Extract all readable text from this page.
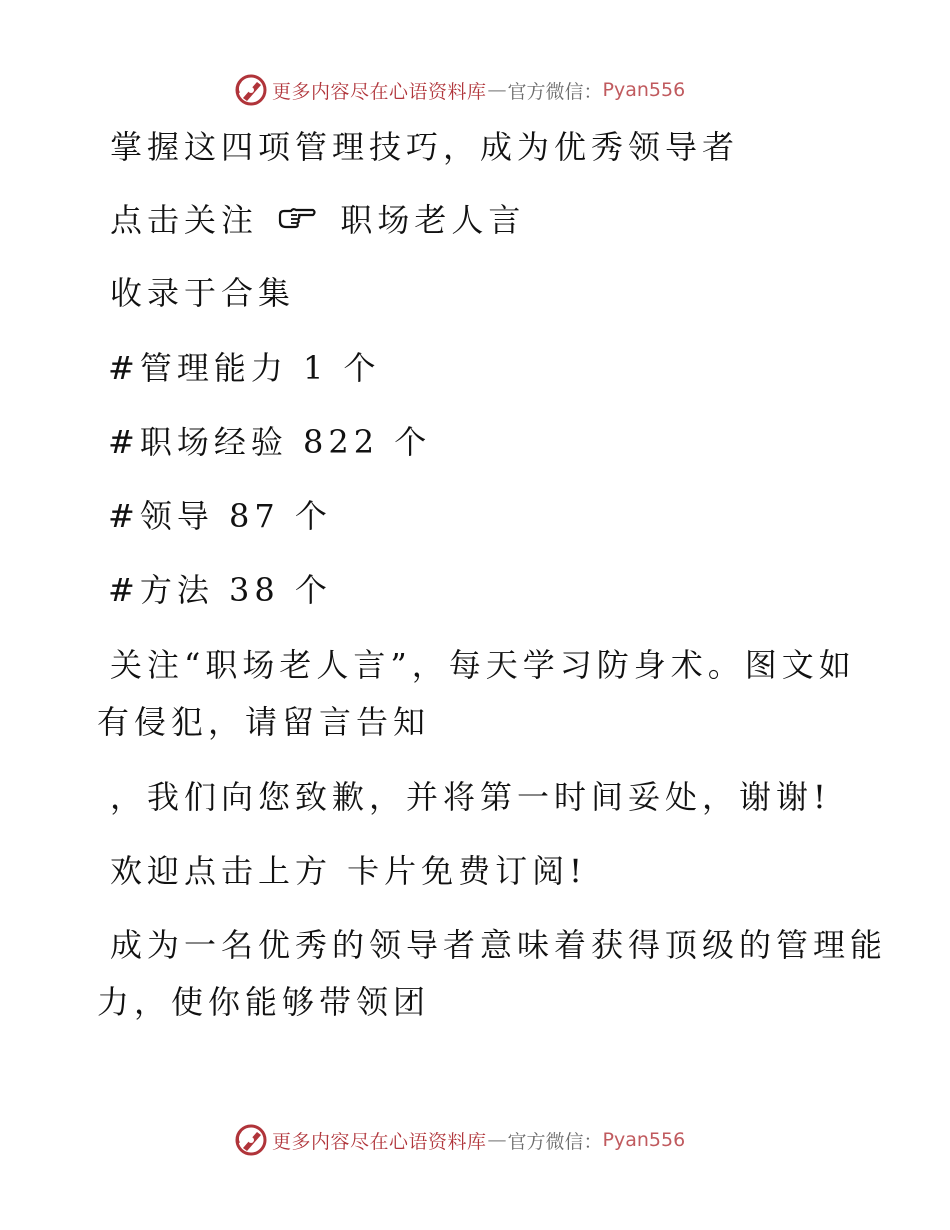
更多内容尽在心语资料库 — 官方微信： Pyan556
掌握这四项管理技巧，成为优秀领导者
点击关注	职场老人言
收录于合集
#管理能力 1 个
#职场经验 822 个
#领导 87 个
#方法 38 个
关注“职场老人言”，每天学习防身术。图文如
有侵犯，请留言告知
，我们向您致歉，并将第一时间妥处，谢谢!
欢迎点击上方 卡片免费订阅!
成为一名优秀的领导者意味着获得顶级的管理能
力，使你能够带领团
更多内容尽在心语资料库 — 官方微信： Pyan556
